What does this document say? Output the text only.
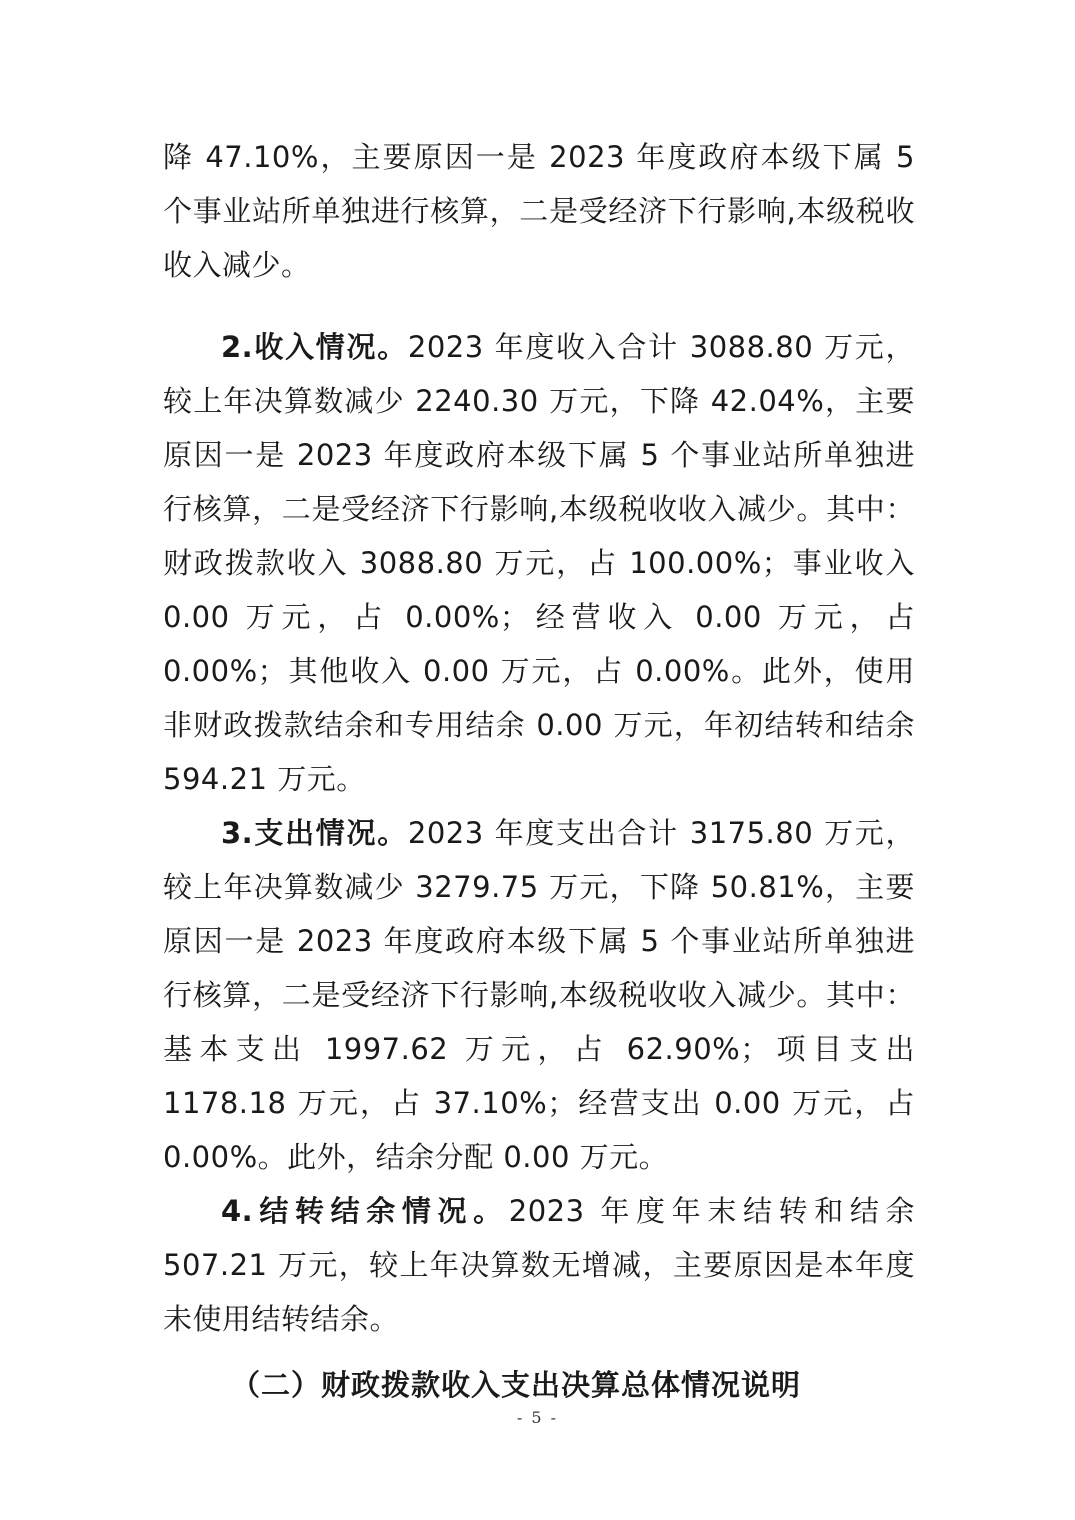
降 47.10%，主要原因一是 2023 年度政府本级下属 5 个事业站所单独进行核算，二是受经济下行影响,本级税收收入减少。

2.收入情况。2023 年度收入合计 3088.80 万元，较上年决算数减少 2240.30 万元，下降 42.04%，主要原因一是 2023 年度政府本级下属 5 个事业站所单独进行核算，二是受经济下行影响,本级税收收入减少。其中：财政拨款收入 3088.80 万元，占 100.00%；事业收入 0.00 万元，占 0.00%；经营收入 0.00 万元，占 0.00%；其他收入 0.00 万元，占 0.00%。此外，使用非财政拨款结余和专用结余 0.00 万元，年初结转和结余 594.21 万元。

3.支出情况。2023 年度支出合计 3175.80 万元，较上年决算数减少 3279.75 万元，下降 50.81%，主要原因一是 2023 年度政府本级下属 5 个事业站所单独进行核算，二是受经济下行影响,本级税收收入减少。其中：基本支出 1997.62 万元，占 62.90%；项目支出 1178.18 万元，占 37.10%；经营支出 0.00 万元，占 0.00%。此外，结余分配 0.00 万元。

4.结转结余情况。2023 年度年末结转和结余 507.21 万元，较上年决算数无增减，主要原因是本年度未使用结转结余。

（二）财政拨款收入支出决算总体情况说明

- 5 -
